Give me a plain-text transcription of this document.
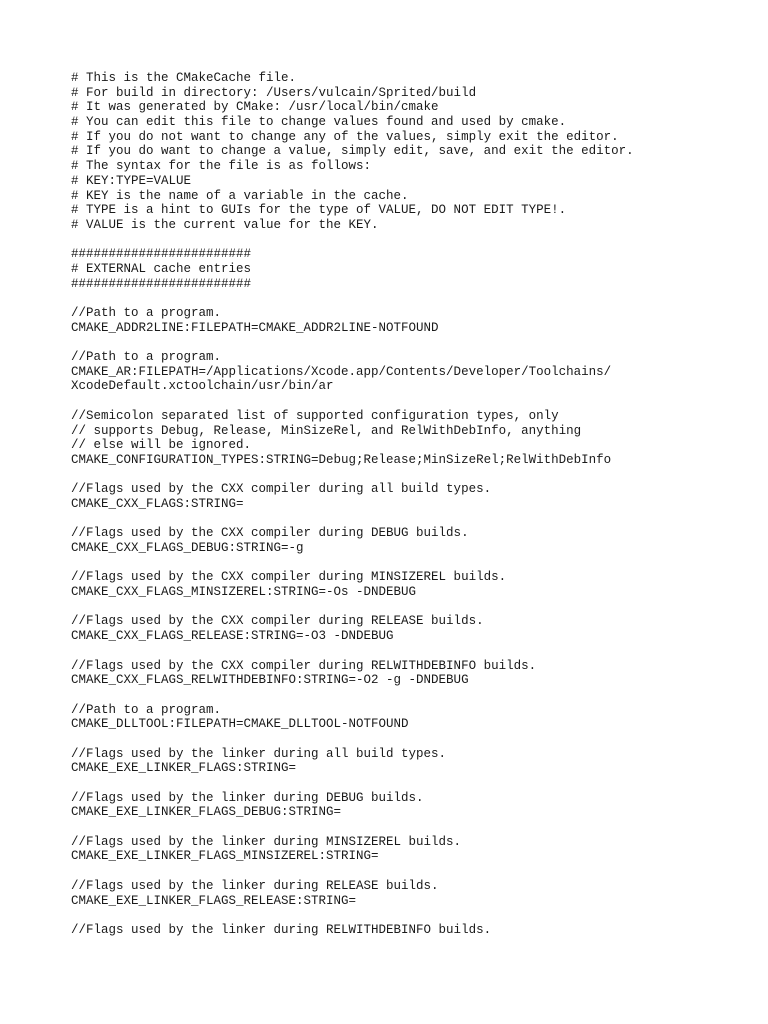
# This is the CMakeCache file.
# For build in directory: /Users/vulcain/Sprited/build
# It was generated by CMake: /usr/local/bin/cmake
# You can edit this file to change values found and used by cmake.
# If you do not want to change any of the values, simply exit the editor.
# If you do want to change a value, simply edit, save, and exit the editor.
# The syntax for the file is as follows:
# KEY:TYPE=VALUE
# KEY is the name of a variable in the cache.
# TYPE is a hint to GUIs for the type of VALUE, DO NOT EDIT TYPE!.
# VALUE is the current value for the KEY.
########################
# EXTERNAL cache entries
########################
//Path to a program.
CMAKE_ADDR2LINE:FILEPATH=CMAKE_ADDR2LINE-NOTFOUND
//Path to a program.
CMAKE_AR:FILEPATH=/Applications/Xcode.app/Contents/Developer/Toolchains/
XcodeDefault.xctoolchain/usr/bin/ar
//Semicolon separated list of supported configuration types, only
// supports Debug, Release, MinSizeRel, and RelWithDebInfo, anything
// else will be ignored.
CMAKE_CONFIGURATION_TYPES:STRING=Debug;Release;MinSizeRel;RelWithDebInfo
//Flags used by the CXX compiler during all build types.
CMAKE_CXX_FLAGS:STRING=
//Flags used by the CXX compiler during DEBUG builds.
CMAKE_CXX_FLAGS_DEBUG:STRING=-g
//Flags used by the CXX compiler during MINSIZEREL builds.
CMAKE_CXX_FLAGS_MINSIZEREL:STRING=-Os -DNDEBUG
//Flags used by the CXX compiler during RELEASE builds.
CMAKE_CXX_FLAGS_RELEASE:STRING=-O3 -DNDEBUG
//Flags used by the CXX compiler during RELWITHDEBINFO builds.
CMAKE_CXX_FLAGS_RELWITHDEBINFO:STRING=-O2 -g -DNDEBUG
//Path to a program.
CMAKE_DLLTOOL:FILEPATH=CMAKE_DLLTOOL-NOTFOUND
//Flags used by the linker during all build types.
CMAKE_EXE_LINKER_FLAGS:STRING=
//Flags used by the linker during DEBUG builds.
CMAKE_EXE_LINKER_FLAGS_DEBUG:STRING=
//Flags used by the linker during MINSIZEREL builds.
CMAKE_EXE_LINKER_FLAGS_MINSIZEREL:STRING=
//Flags used by the linker during RELEASE builds.
CMAKE_EXE_LINKER_FLAGS_RELEASE:STRING=
//Flags used by the linker during RELWITHDEBINFO builds.
